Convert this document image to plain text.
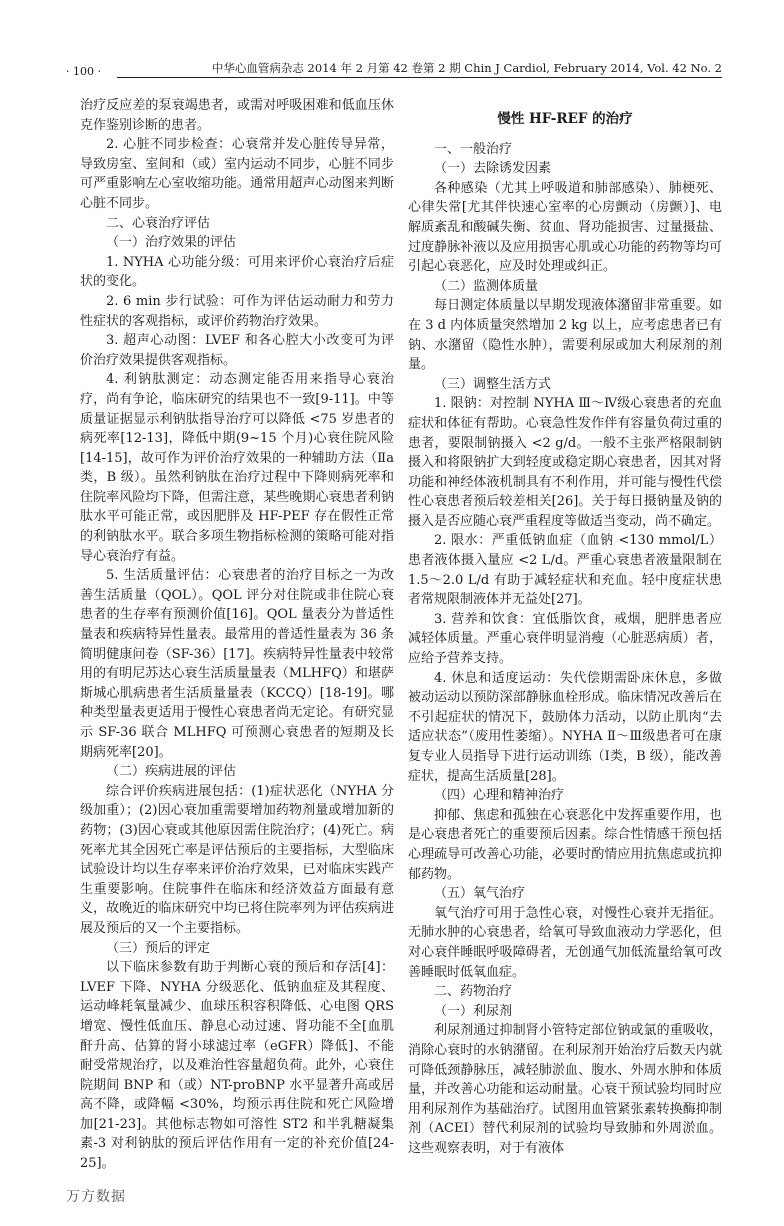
· 100 ·	中华心血管病杂志 2014 年 2 月第 42 卷第 2 期 Chin J Cardiol, February 2014, Vol. 42 No. 2

治疗反应差的泵衰竭患者，或需对呼吸困难和低血压休克作鉴别诊断的患者。

2. 心脏不同步检查：心衰常并发心脏传导异常，导致房室、室间和（或）室内运动不同步，心脏不同步可严重影响左心室收缩功能。通常用超声心动图来判断心脏不同步。

二、心衰治疗评估

（一）治疗效果的评估

1. NYHA 心功能分级：可用来评价心衰治疗后症状的变化。

2. 6 min 步行试验：可作为评估运动耐力和劳力性症状的客观指标，或评价药物治疗效果。

3. 超声心动图：LVEF 和各心腔大小改变可为评价治疗效果提供客观指标。

4. 利钠肽测定：动态测定能否用来指导心衰治疗，尚有争论，临床研究的结果也不一致[9-11]。中等质量证据显示利钠肽指导治疗可以降低 <75 岁患者的病死率[12-13]，降低中期(9~15 个月)心衰住院风险[14-15]，故可作为评价治疗效果的一种辅助方法（Ⅱa 类，B 级）。虽然利钠肽在治疗过程中下降则病死率和住院率风险均下降，但需注意，某些晚期心衰患者利钠肽水平可能正常，或因肥胖及 HF-PEF 存在假性正常的利钠肽水平。联合多项生物指标检测的策略可能对指导心衰治疗有益。

5. 生活质量评估：心衰患者的治疗目标之一为改善生活质量（QOL）。QOL 评分对住院或非住院心衰患者的生存率有预测价值[16]。QOL 量表分为普适性量表和疾病特异性量表。最常用的普适性量表为 36 条简明健康问卷（SF-36）[17]。疾病特异性量表中较常用的有明尼苏达心衰生活质量量表（MLHFQ）和堪萨斯城心肌病患者生活质量量表（KCCQ）[18-19]。哪种类型量表更适用于慢性心衰患者尚无定论。有研究显示 SF-36 联合 MLHFQ 可预测心衰患者的短期及长期病死率[20]。

（二）疾病进展的评估

综合评价疾病进展包括：(1)症状恶化（NYHA 分级加重）；(2)因心衰加重需要增加药物剂量或增加新的药物；(3)因心衰或其他原因需住院治疗；(4)死亡。病死率尤其全因死亡率是评估预后的主要指标，大型临床试验设计均以生存率来评价治疗效果，已对临床实践产生重要影响。住院事件在临床和经济效益方面最有意义，故晚近的临床研究中均已将住院率列为评估疾病进展及预后的又一个主要指标。

（三）预后的评定

以下临床参数有助于判断心衰的预后和存活[4]：LVEF 下降、NYHA 分级恶化、低钠血症及其程度、运动峰耗氧量减少、血球压积容积降低、心电图 QRS 增宽、慢性低血压、静息心动过速、肾功能不全[血肌酐升高、估算的肾小球滤过率（eGFR）降低]、不能耐受常规治疗，以及难治性容量超负荷。此外，心衰住院期间 BNP 和（或）NT-proBNP 水平显著升高或居高不降，或降幅 <30%，均预示再住院和死亡风险增加[21-23]。其他标志物如可溶性 ST2 和半乳糖凝集素-3 对利钠肽的预后评估作用有一定的补充价值[24-25]。

慢性 HF-REF 的治疗

一、一般治疗

（一）去除诱发因素

各种感染（尤其上呼吸道和肺部感染）、肺梗死、心律失常[尤其伴快速心室率的心房颤动（房颤）]、电解质紊乱和酸碱失衡、贫血、肾功能损害、过量摄盐、过度静脉补液以及应用损害心肌或心功能的药物等均可引起心衰恶化，应及时处理或纠正。

（二）监测体质量

每日测定体质量以早期发现液体潴留非常重要。如在 3 d 内体质量突然增加 2 kg 以上，应考虑患者已有钠、水潴留（隐性水肿），需要利尿或加大利尿剂的剂量。

（三）调整生活方式

1. 限钠：对控制 NYHA Ⅲ～Ⅳ级心衰患者的充血症状和体征有帮助。心衰急性发作伴有容量负荷过重的患者，要限制钠摄入 <2 g/d。一般不主张严格限制钠摄入和将限钠扩大到轻度或稳定期心衰患者，因其对肾功能和神经体液机制具有不利作用，并可能与慢性代偿性心衰患者预后较差相关[26]。关于每日摄钠量及钠的摄入是否应随心衰严重程度等做适当变动，尚不确定。

2. 限水：严重低钠血症（血钠 <130 mmol/L）患者液体摄入量应 <2 L/d。严重心衰患者液量限制在 1.5～2.0 L/d 有助于减轻症状和充血。轻中度症状患者常规限制液体并无益处[27]。

3. 营养和饮食：宜低脂饮食，戒烟，肥胖患者应减轻体质量。严重心衰伴明显消瘦（心脏恶病质）者，应给予营养支持。

4. 休息和适度运动：失代偿期需卧床休息，多做被动运动以预防深部静脉血栓形成。临床情况改善后在不引起症状的情况下，鼓励体力活动，以防止肌肉“去适应状态”（废用性萎缩）。NYHA Ⅱ～Ⅲ级患者可在康复专业人员指导下进行运动训练（Ⅰ类，B 级），能改善症状，提高生活质量[28]。

（四）心理和精神治疗

抑郁、焦虑和孤独在心衰恶化中发挥重要作用，也是心衰患者死亡的重要预后因素。综合性情感干预包括心理疏导可改善心功能，必要时酌情应用抗焦虑或抗抑郁药物。

（五）氧气治疗

氧气治疗可用于急性心衰，对慢性心衰并无指征。无肺水肿的心衰患者，给氧可导致血液动力学恶化，但对心衰伴睡眠呼吸障碍者，无创通气加低流量给氧可改善睡眠时低氧血症。

二、药物治疗

（一）利尿剂

利尿剂通过抑制肾小管特定部位钠或氯的重吸收，消除心衰时的水钠潴留。在利尿剂开始治疗后数天内就可降低颈静脉压，减轻肺淤血、腹水、外周水肿和体质量，并改善心功能和运动耐量。心衰干预试验均同时应用利尿剂作为基础治疗。试图用血管紧张素转换酶抑制剂（ACEI）替代利尿剂的试验均导致肺和外周淤血。这些观察表明，对于有液体

万方数据
